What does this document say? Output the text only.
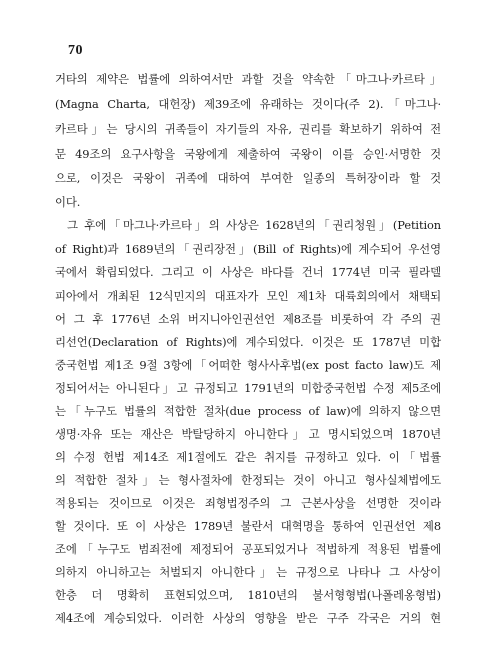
70
거타의 제약은 법률에 의하여서만 과할 것을 약속한「마그나·카르타」
(Magna Charta, 대헌장) 제39조에 유래하는 것이다(주 2).「마그나·
카르타」는 당시의 귀족들이 자기들의 자유, 권리를 확보하기 위하여 전
문 49조의 요구사항을 국왕에게 제출하여 국왕이 이를 승인·서명한 것
으로, 이것은 국왕이 귀족에 대하여 부여한 일종의 특허장이라 할 것
이다.
그 후에「마그나·카르타」의 사상은 1628년의「권리청원」(Petition
of Right)과 1689년의「권리장전」(Bill of Rights)에 계수되어 우선영
국에서 확립되었다. 그리고 이 사상은 바다를 건너 1774년 미국 필라델
피아에서 개최된 12식민지의 대표자가 모인 제1차 대륙회의에서 채택되
어 그 후 1776년 소위 버지니아인권선언 제8조를 비롯하여 각 주의 권
리선언(Declaration of Rights)에 계수되었다. 이것은 또 1787년 미합
중국헌법 제1조 9절 3항에「어떠한 형사사후법(ex post facto law)도 제
정되어서는 아니된다」고 규정되고 1791년의 미합중국헌법 수정 제5조에
는「누구도 법률의 적합한 절차(due process of law)에 의하지 않으면
생명·자유 또는 재산은 박탈당하지 아니한다」고 명시되었으며 1870년
의 수정 헌법 제14조 제1절에도 같은 취지를 규정하고 있다. 이「법률
의 적합한 절차」는 형사절차에 한정되는 것이 아니고 형사실체법에도
적용되는 것이므로 이것은 죄형법정주의 그 근본사상을 선명한 것이라
할 것이다. 또 이 사상은 1789년 불란서 대혁명을 통하여 인권선언 제8
조에「누구도 범죄전에 제정되어 공포되었거나 적법하게 적용된 법률에
의하지 아니하고는 처벌되지 아니한다」는 규정으로 나타나 그 사상이
한층 더 명확히 표현되었으며, 1810년의 불서형형법(나폴레옹형법)
제4조에 계승되었다. 이러한 사상의 영향을 받은 구주 각국은 거의 현
